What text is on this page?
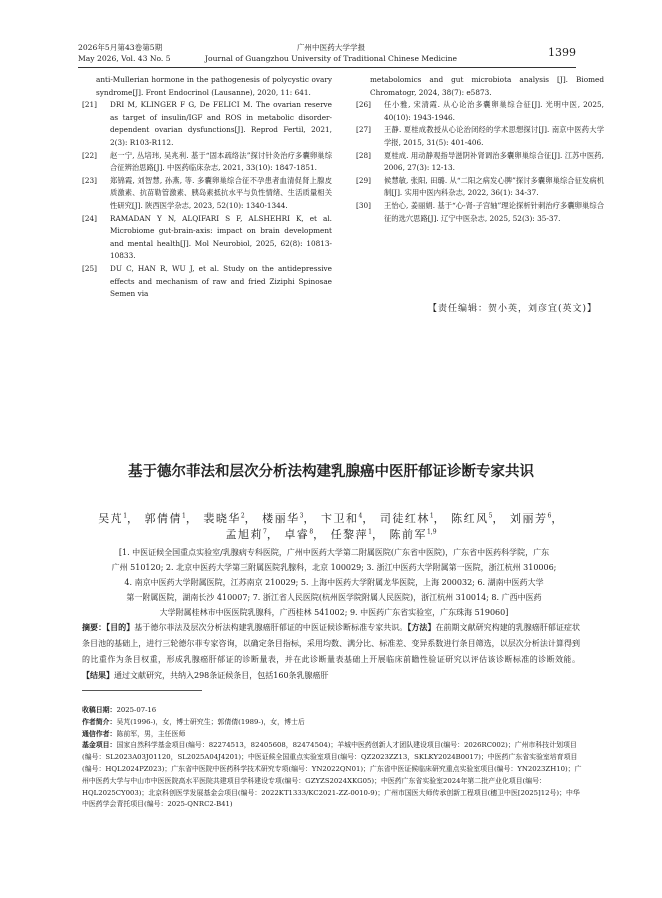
2026年5月第43卷第5期
May 2026, Vol. 43 No. 5
广州中医药大学学报
Journal of Guangzhou University of Traditional Chinese Medicine	1399
anti-Mullerian hormone in the pathogenesis of polycystic ovary syndrome[J]. Front Endocrinol (Lausanne), 2020, 11: 641.
[21] DRI M, KLINGER F G, De FELICI M. The ovarian reserve as target of insulin/IGF and ROS in metabolic disorder-dependent ovarian dysfunctions[J]. Reprod Fertil, 2021, 2(3): R103-R112.
[22] 赵一宁, 丛培玮, 吴兆利. 基于“固本疏络法”探讨针灸治疗多囊卵巢综合征辨治思路[J]. 中医药临床杂志, 2021, 33(10): 1847-1851.
[23] 郑锦霞, 刘智慧, 孙燕, 等. 多囊卵巢综合征不孕患者血清促肾上腺皮质激素、抗苗勒管激素、胰岛素抵抗水平与负性情绪、生活质量相关性研究[J]. 陕西医学杂志, 2023, 52(10): 1340-1344.
[24] RAMADAN Y N, ALQIFARI S F, ALSHEHRI K, et al. Microbiome gut-brain-axis: impact on brain development and mental health[J]. Mol Neurobiol, 2025, 62(8): 10813-10833.
[25] DU C, HAN R, WU J, et al. Study on the antidepressive effects and mechanism of raw and fried Ziziphi Spinosae Semen via
metabolomics and gut microbiota analysis [J]. Biomed Chromatogr, 2024, 38(7): e5873.
[26] 任小雅, 宋清霞. 从心论治多囊卵巢综合征[J]. 光明中医, 2025, 40(10): 1943-1946.
[27] 王静. 夏桂成教授从心论治闭经的学术思想探讨[J]. 南京中医药大学学报, 2015, 31(5): 401-406.
[28] 夏桂成. 用动静观指导滋阴补肾调治多囊卵巢综合征[J]. 江苏中医药, 2006, 27(3): 12-13.
[29] 候慧敏, 张阳, 田璐. 从“二阳之病发心脾”探讨多囊卵巢综合征发病机制[J]. 实用中医内科杂志, 2022, 36(1): 34-37.
[30] 王怡心, 姜丽娟. 基于“心-肾-子宫轴”理论探析针刺治疗多囊卵巢综合征的选穴思路[J]. 辽宁中医杂志, 2025, 52(3): 35-37.
【责任编辑：贺小英，刘彦宜(英文)】
基于德尔菲法和层次分析法构建乳腺癌中医肝郁证诊断专家共识
吴芃$^1$， 郭倩倩$^1$， 裴晓华$^2$， 楼丽华$^3$， 卞卫和$^4$， 司徒红林$^1$， 陈红风$^5$， 刘丽芳$^6$，
孟旭莉$^7$， 卓睿$^8$， 任黎萍$^1$， 陈前军$^{1,9}$
[1. 中医证候全国重点实验室/乳腺病专科医院，广州中医药大学第二附属医院(广东省中医院)，广东省中医药科学院，广东
广州 510120; 2. 北京中医药大学第三附属医院乳腺科，北京 100029; 3. 浙江中医药大学附属第一医院，浙江杭州 310006;
4. 南京中医药大学附属医院，江苏南京 210029; 5. 上海中医药大学附属龙华医院，上海 200032; 6. 湖南中医药大学
第一附属医院，湖南长沙 410007; 7. 浙江省人民医院(杭州医学院附属人民医院)，浙江杭州 310014; 8. 广西中医药
大学附属桂林市中医医院乳腺科，广西桂林 541002; 9. 中医药广东省实验室，广东珠海 519060]
摘要：【目的】基于德尔菲法及层次分析法构建乳腺癌肝郁证的中医证候诊断标准专家共识。【方法】在前期文献研究构建的乳腺癌肝郁证症状条目池的基础上，进行三轮德尔菲专家咨询，以确定条目指标，采用均数、满分比、标准差、变异系数进行条目筛选，以层次分析法计算得到的比重作为条目权重，形成乳腺癌肝郁证的诊断量表，并在此诊断量表基础上开展临床前瞻性验证研究以评估该诊断标准的诊断效能。【结果】通过文献研究，共纳入298条证候条目，包括160条乳腺癌肝
收稿日期：2025-07-16
作者简介：吴芃(1996-)，女，博士研究生；郭倩倩(1989-)，女，博士后
通信作者：陈前军，男，主任医师
基金项目：国家自然科学基金项目(编号：82274513，82405608，82474504)；羊城中医药创新人才团队建设项目(编号：2026RC002)；广州市科技计划项目(编号：SL2023A03J01120，SL2025A04J4201)；中医证候全国重点实验室项目(编号：QZ2023ZZ13，SKLKY2024B0017)；中医药广东省实验室培育项目(编号：HQL2024PZ023)；广东省中医院中医药科学技术研究专项(编号：YN2022QN01)；广东省中医证候临床研究重点实验室项目(编号：YN2023ZH10)；广州中医药大学与中山市中医医院高水平医院共建项目学科建设专项(编号：GZYZS2024XKG05)；中医药广东省实验室2024年第二批产业化项目(编号：HQL2025CY003)；北京科创医学发展基金会项目(编号：2022KT1333/KC2021-ZZ-0010-9)；广州市国医大师传承创新工程项目(穗卫中医[2025]12号)；中华中医药学会青托项目(编号：2025-QNRC2-B41)
